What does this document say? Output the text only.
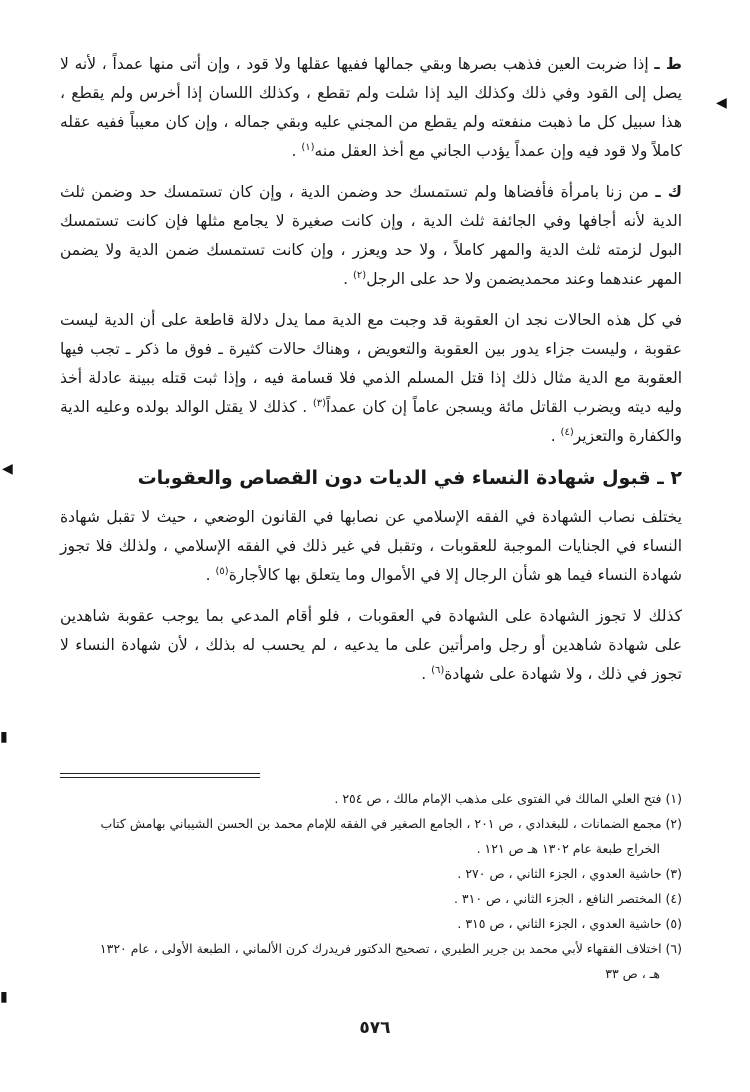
ط ـ إذا ضربت العين فذهب بصرها وبقي جمالها ففيها عقلها ولا قود ، وإن أتى منها عمداً ، لأنه لا يصل إلى القود وفي ذلك وكذلك اليد إذا شلت ولم تقطع ، وكذلك اللسان إذا أخرس ولم يقطع ، هذا سبيل كل ما ذهبت منفعته ولم يقطع من المجني عليه وبقي جماله ، وإن كان معيباً ففيه عقله كاملاً ولا قود فيه وإن عمداً يؤدب الجاني مع أخذ العقل منه$^{(١)}$ .

ك ـ من زنا بامرأة فأفضاها ولم تستمسك حد وضمن الدية ، وإن كان تستمسك حد وضمن ثلث الدية لأنه أجافها وفي الجائفة ثلث الدية ، وإن كانت صغيرة لا يجامع مثلها فإن كانت تستمسك البول لزمته ثلث الدية والمهر كاملاً ، ولا حد ويعزر ، وإن كانت تستمسك ضمن الدية ولا يضمن المهر عندهما وعند محمديضمن ولا حد على الرجل$^{(٢)}$ .

في كل هذه الحالات نجد ان العقوبة قد وجبت مع الدية مما يدل دلالة قاطعة على أن الدية ليست عقوبة ، وليست جزاء يدور بين العقوبة والتعويض ، وهناك حالات كثيرة ـ فوق ما ذكر ـ تجب فيها العقوبة مع الدية مثال ذلك إذا قتل المسلم الذمي فلا قسامة فيه ، وإذا ثبت قتله ببينة عادلة أخذ وليه ديته ويضرب القاتل مائة ويسجن عاماً إن كان عمداً$^{(٣)}$ . كذلك لا يقتل الوالد بولده وعليه الدية والكفارة والتعزير$^{(٤)}$ .

٢ ـ قبول شهادة النساء في الديات دون القصاص والعقوبات

يختلف نصاب الشهادة في الفقه الإسلامي عن نصابها في القانون الوضعي ، حيث لا تقبل شهادة النساء في الجنايات الموجبة للعقوبات ، وتقبل في غير ذلك في الفقه الإسلامي ، ولذلك فلا تجوز شهادة النساء فيما هو شأن الرجال إلا في الأموال وما يتعلق بها كالأجارة$^{(٥)}$ .

كذلك لا تجوز الشهادة على الشهادة في العقوبات ، فلو أقام المدعي بما يوجب عقوبة شاهدين على شهادة شاهدين أو رجل وامرأتين على ما يدعيه ، لم يحسب له بذلك ، لأن شهادة النساء لا تجوز في ذلك ، ولا شهادة على شهادة$^{(٦)}$ .

(١) فتح العلي المالك في الفتوى على مذهب الإمام مالك ، ص ٢٥٤ .
(٢) مجمع الضمانات ، للبغدادي ، ص ٢٠١ ، الجامع الصغير في الفقه للإمام محمد بن الحسن الشيباني بهامش كتاب
الخراج طبعة عام ١٣٠٢ هـ ص ١٢١ .
(٣) حاشية العدوي ، الجزء الثاني ، ص ٢٧٠ .
(٤) المختصر النافع ، الجزء الثاني ، ص ٣١٠ .
(٥) حاشية العدوي ، الجزء الثاني ، ص ٣١٥ .
(٦) اختلاف الفقهاء لأبي محمد بن جرير الطبري ، تصحيح الدكتور فريدرك كرن الألماني ، الطبعة الأولى ، عام ١٣٢٠
هـ ، ص ٣٣
٥٧٦
◀
◀
▮
▮
